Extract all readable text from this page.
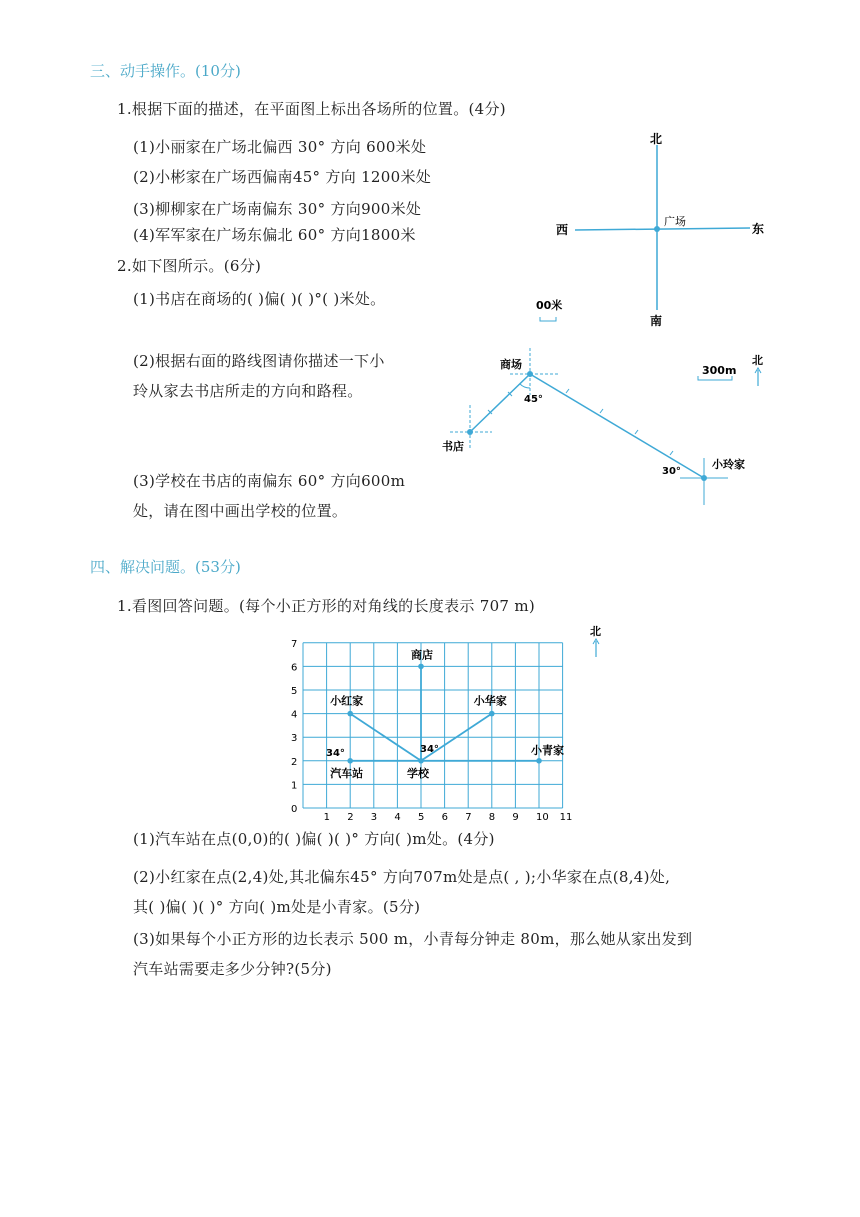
三、动手操作。(10分)
1.根据下面的描述，在平面图上标出各场所的位置。(4分)
(1)小丽家在广场北偏西 30° 方向 600米处
(2)小彬家在广场西偏南45° 方向 1200米处
(3)柳柳家在广场南偏东 30° 方向900米处
(4)军军家在广场东偏北 60° 方向1800米
北
南
西	东
广场
00米
2.如下图所示。(6分)
(1)书店在商场的( )偏( )( )°( )米处。
(2)根据右面的路线图请你描述一下小
玲从家去书店所走的方向和路程。
(3)学校在书店的南偏东 60° 方向600m
处，请在图中画出学校的位置。
商场
书店
45°
小玲家
30°
300m
北
四、解决问题。(53分)
1.看图回答问题。(每个小正方形的对角线的长度表示 707 m)
1 2 3 4 5 6 7 8 9 10 11
0
1
2
3
4
5
6
7
商店
小红家	小华家
汽车站	学校
小青家
34°	34°
北
(1)汽车站在点(0,0)的( )偏( )( )° 方向( )m处。(4分)
(2)小红家在点(2,4)处,其北偏东45° 方向707m处是点( , );小华家在点(8,4)处,
其( )偏( )( )° 方向( )m处是小青家。(5分)
(3)如果每个小正方形的边长表示 500 m，小青每分钟走 80m，那么她从家出发到
汽车站需要走多少分钟?(5分)
